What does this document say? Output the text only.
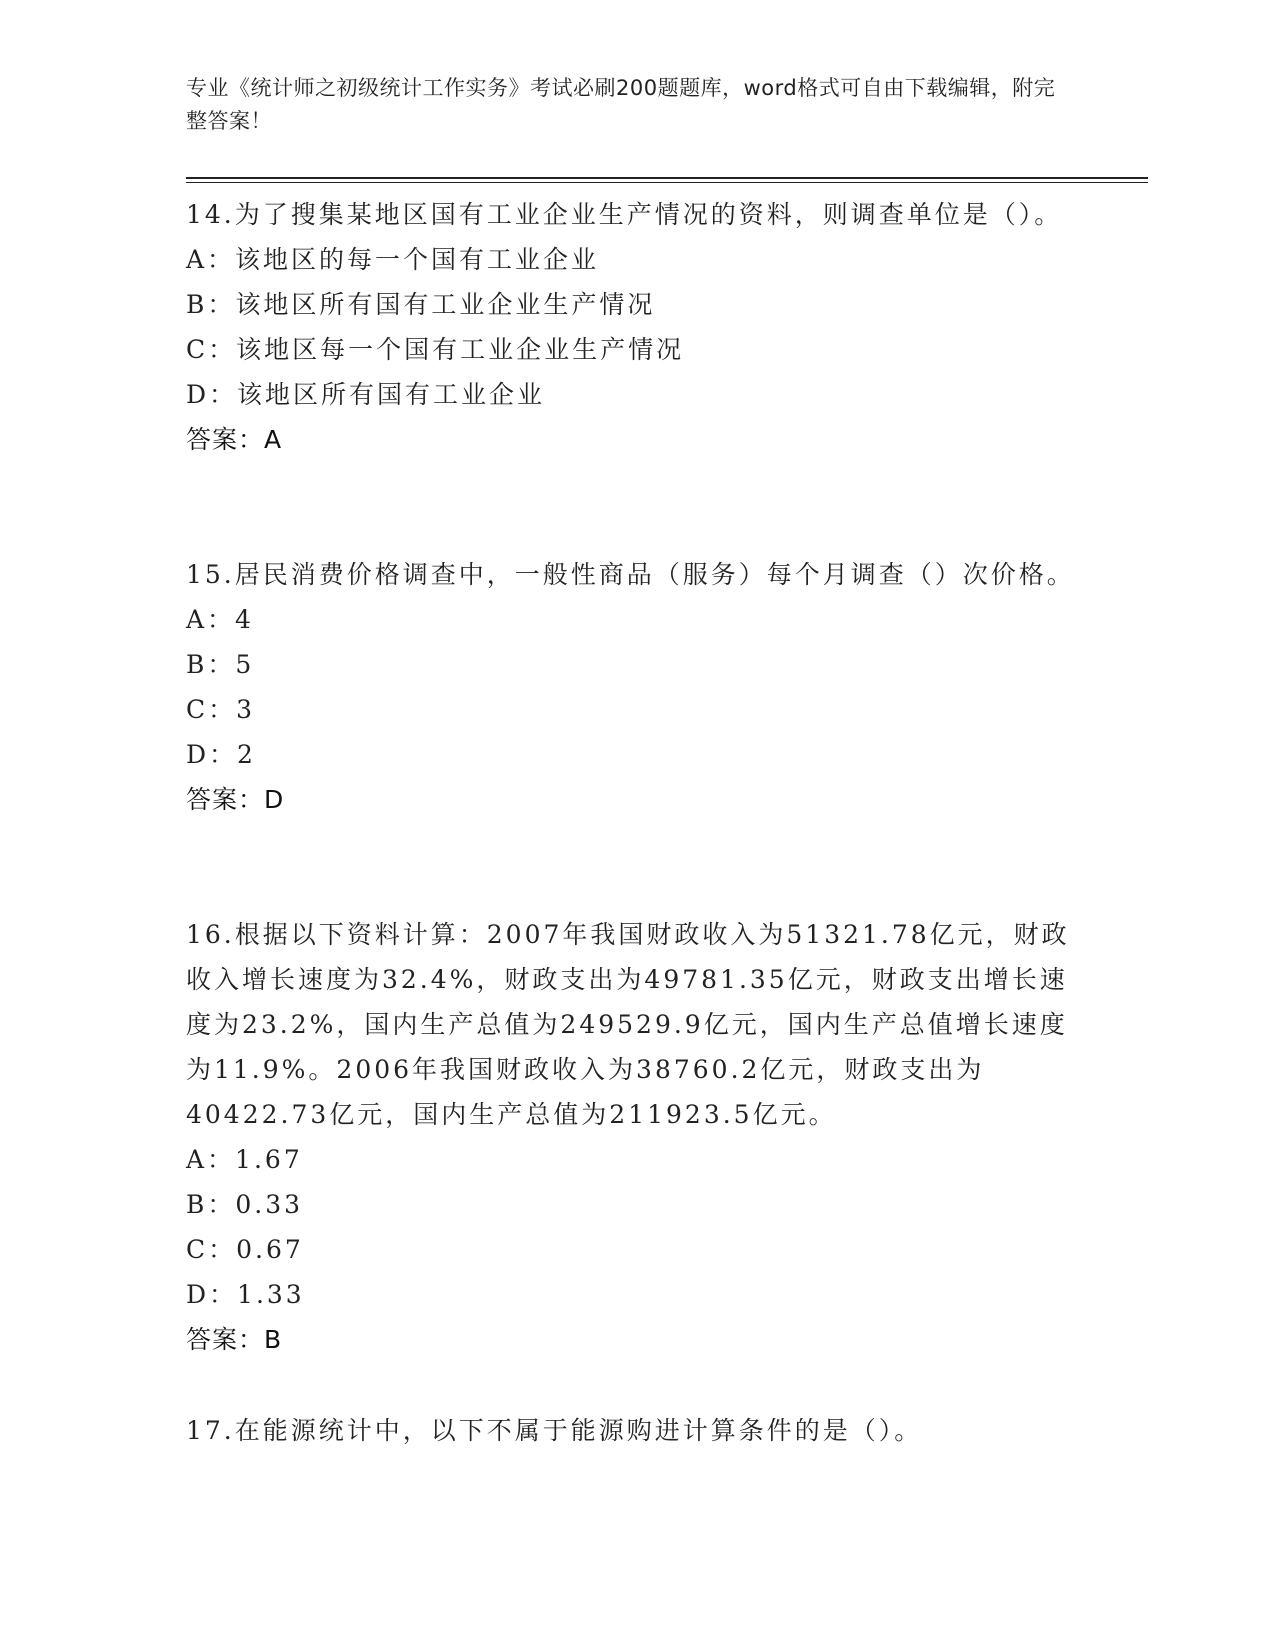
专业《统计师之初级统计工作实务》考试必刷200题题库，word格式可自由下载编辑，附完整答案！

14.为了搜集某地区国有工业企业生产情况的资料，则调查单位是（）。

A：该地区的每一个国有工业企业
B：该地区所有国有工业企业生产情况
C：该地区每一个国有工业企业生产情况
D：该地区所有国有工业企业
答案：A

15.居民消费价格调查中，一般性商品（服务）每个月调查（）次价格。

A：4
B：5
C：3
D：2
答案：D

16.根据以下资料计算：2007年我国财政收入为51321.78亿元，财政收入增长速度为32.4%，财政支出为49781.35亿元，财政支出增长速度为23.2%，国内生产总值为249529.9亿元，国内生产总值增长速度为11.9%。2006年我国财政收入为38760.2亿元，财政支出为40422.73亿元，国内生产总值为211923.5亿元。

A：1.67
B：0.33
C：0.67
D：1.33
答案：B

17.在能源统计中，以下不属于能源购进计算条件的是（）。
